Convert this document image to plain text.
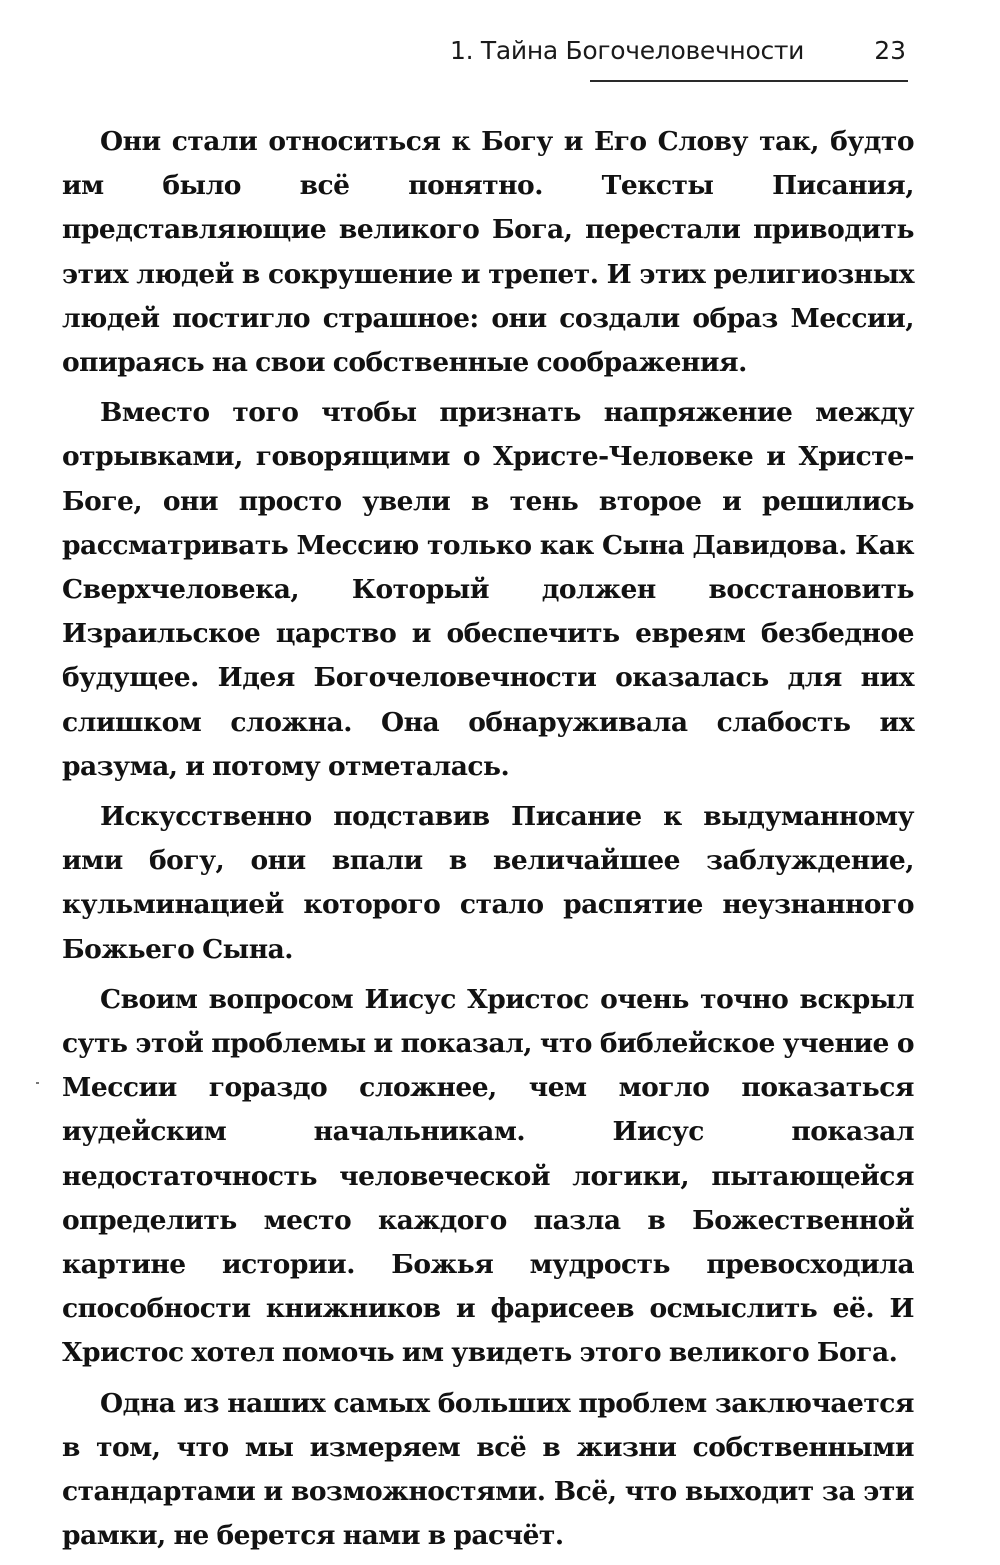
1. Тайна Богочеловечности	23

Они стали относиться к Богу и Его Слову так, будто им было всё понятно. Тексты Писания, представляющие великого Бога, перестали приводить этих людей в сокрушение и трепет. И этих религиозных людей постигло страшное: они создали образ Мессии, опираясь на свои собственные соображения.

Вместо того чтобы признать напряжение между отрывками, говорящими о Христе-Человеке и Христе-Боге, они просто увели в тень второе и решились рассматривать Мессию только как Сына Давидова. Как Сверхчеловека, Который должен восстановить Израильское царство и обеспечить евреям безбедное будущее. Идея Богочеловечности оказалась для них слишком сложна. Она обнаруживала слабость их разума, и потому отметалась.

Искусственно подставив Писание к выдуманному ими богу, они впали в величайшее заблуждение, кульминацией которого стало распятие неузнанного Божьего Сына.

Своим вопросом Иисус Христос очень точно вскрыл суть этой проблемы и показал, что библейское учение о Мессии гораздо сложнее, чем могло показаться иудейским начальникам. Иисус показал недостаточность человеческой логики, пытающейся определить место каждого пазла в Божественной картине истории. Божья мудрость превосходила способности книжников и фарисеев осмыслить её. И Христос хотел помочь им увидеть этого великого Бога.

Одна из наших самых больших проблем заключается в том, что мы измеряем всё в жизни собственными стандартами и возможностями. Всё, что выходит за эти рамки, не берется нами в расчёт.
